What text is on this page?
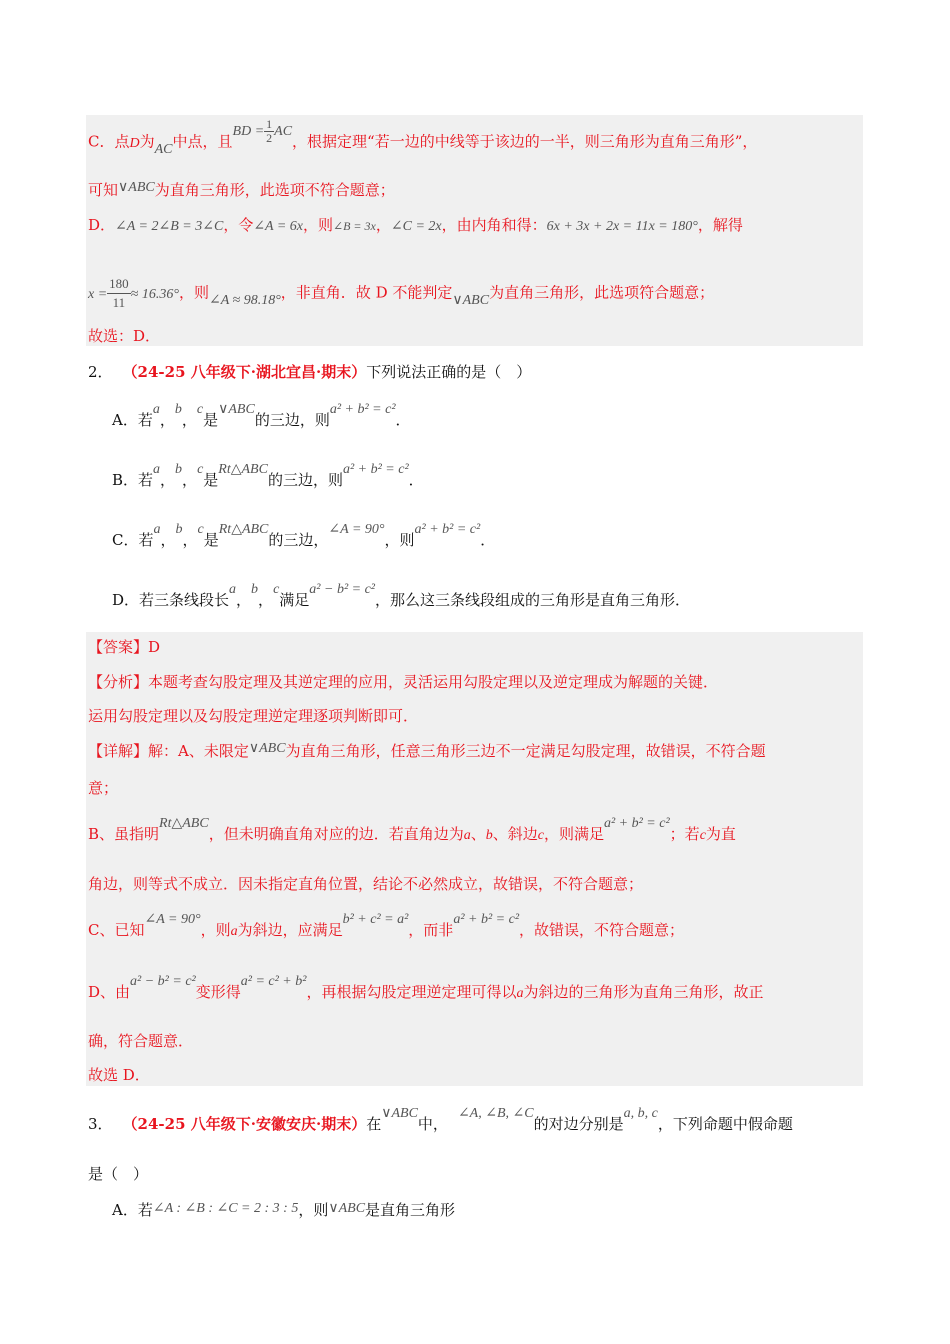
C．点D为AC中点，且BD = $\frac{1}{2}$ AC，根据定理“若一边的中线等于该边的一半，则三角形为直角三角形”，
可知∨ABC为直角三角形，此选项不符合题意；
D．∠A = 2∠B = 3∠C，令∠A = 6x，则∠B = 3x，∠C = 2x，由内角和得：6x + 3x + 2x = 11x = 180°，解得
$x = \frac{180}{11} \approx 16.36^\circ$，则∠A ≈ 98.18°，非直角．故 D 不能判定∨ABC为直角三角形，此选项符合题意；
故选：D．
2． （24-25 八年级下·湖北宜昌·期末）下列说法正确的是（　）
A．若a，b，c是∨ABC的三边，则a² + b² = c²．
B．若a，b，c是Rt△ABC的三边，则a² + b² = c²．
C．若a，b，c是Rt△ABC的三边，∠A = 90°，则a² + b² = c²．
D．若三条线段长a，b，c满足a² − b² = c²，那么这三条线段组成的三角形是直角三角形．
【答案】D
【分析】本题考查勾股定理及其逆定理的应用，灵活运用勾股定理以及逆定理成为解题的关键．
运用勾股定理以及勾股定理逆定理逐项判断即可．
【详解】解：A、未限定∨ABC为直角三角形，任意三角形三边不一定满足勾股定理，故错误，不符合题
意；
B、虽指明Rt△ABC，但未明确直角对应的边．若直角边为a、b、斜边c，则满足a² + b² = c²；若c为直
角边，则等式不成立．因未指定直角位置，结论不必然成立，故错误，不符合题意；
C、已知∠A = 90°，则a为斜边，应满足b² + c² = a²，而非a² + b² = c²，故错误，不符合题意；
D、由a² − b² = c²变形得a² = c² + b²，再根据勾股定理逆定理可得以a为斜边的三角形为直角三角形，故正
确，符合题意．
故选 D．
3． （24-25 八年级下·安徽安庆·期末）在∨ABC中，∠A, ∠B, ∠C的对边分别是a, b, c，下列命题中假命题
是（　）
A．若∠A : ∠B : ∠C = 2 : 3 : 5，则∨ABC是直角三角形
